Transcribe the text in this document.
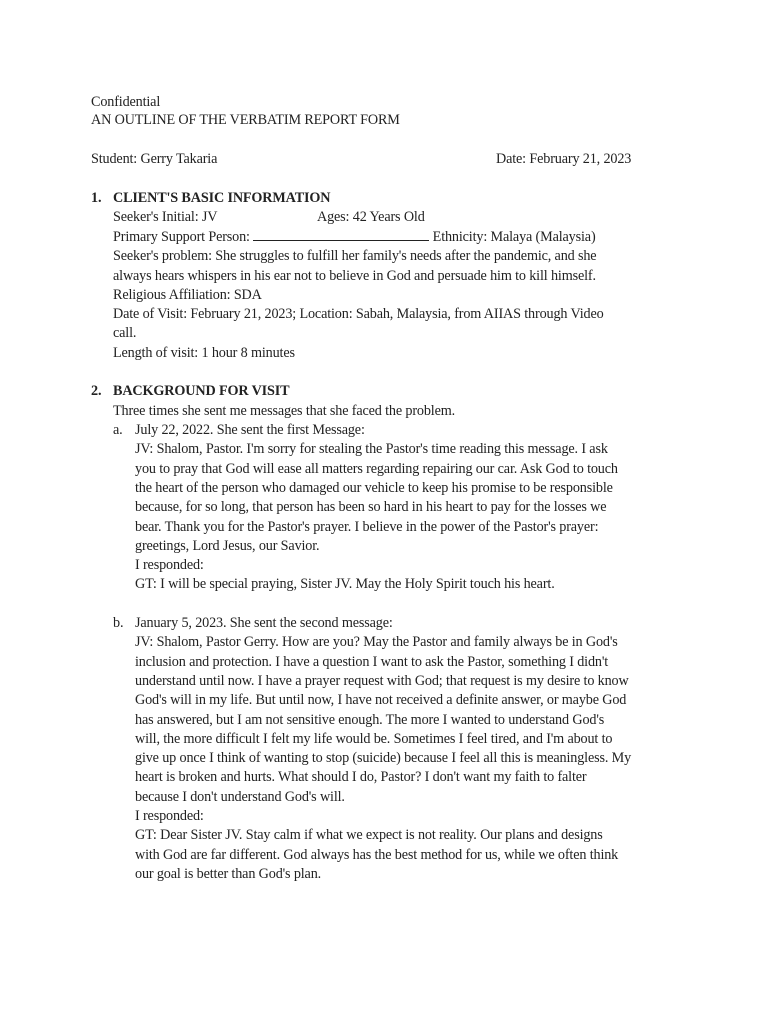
Confidential
AN OUTLINE OF THE VERBATIM REPORT FORM
Student: Gerry Takaria	Date: February 21, 2023
1. CLIENT'S BASIC INFORMATION
Seeker's Initial: JV	Ages: 42 Years Old
Primary Support Person:	Ethnicity: Malaya (Malaysia)
Seeker's problem: She struggles to fulfill her family's needs after the pandemic, and she
always hears whispers in his ear not to believe in God and persuade him to kill himself.
Religious Affiliation: SDA
Date of Visit: February 21, 2023; Location: Sabah, Malaysia, from AIIAS through Video
call.
Length of visit: 1 hour 8 minutes
2. BACKGROUND FOR VISIT
Three times she sent me messages that she faced the problem.
a. July 22, 2022. She sent the first Message:
JV: Shalom, Pastor. I'm sorry for stealing the Pastor's time reading this message. I ask
you to pray that God will ease all matters regarding repairing our car. Ask God to touch
the heart of the person who damaged our vehicle to keep his promise to be responsible
because, for so long, that person has been so hard in his heart to pay for the losses we
bear. Thank you for the Pastor's prayer. I believe in the power of the Pastor's prayer:
greetings, Lord Jesus, our Savior.
I responded:
GT: I will be special praying, Sister JV. May the Holy Spirit touch his heart.
b. January 5, 2023. She sent the second message:
JV: Shalom, Pastor Gerry. How are you? May the Pastor and family always be in God's
inclusion and protection. I have a question I want to ask the Pastor, something I didn't
understand until now. I have a prayer request with God; that request is my desire to know
God's will in my life. But until now, I have not received a definite answer, or maybe God
has answered, but I am not sensitive enough. The more I wanted to understand God's
will, the more difficult I felt my life would be. Sometimes I feel tired, and I'm about to
give up once I think of wanting to stop (suicide) because I feel all this is meaningless. My
heart is broken and hurts. What should I do, Pastor? I don't want my faith to falter
because I don't understand God's will.
I responded:
GT: Dear Sister JV. Stay calm if what we expect is not reality. Our plans and designs
with God are far different. God always has the best method for us, while we often think
our goal is better than God's plan.
